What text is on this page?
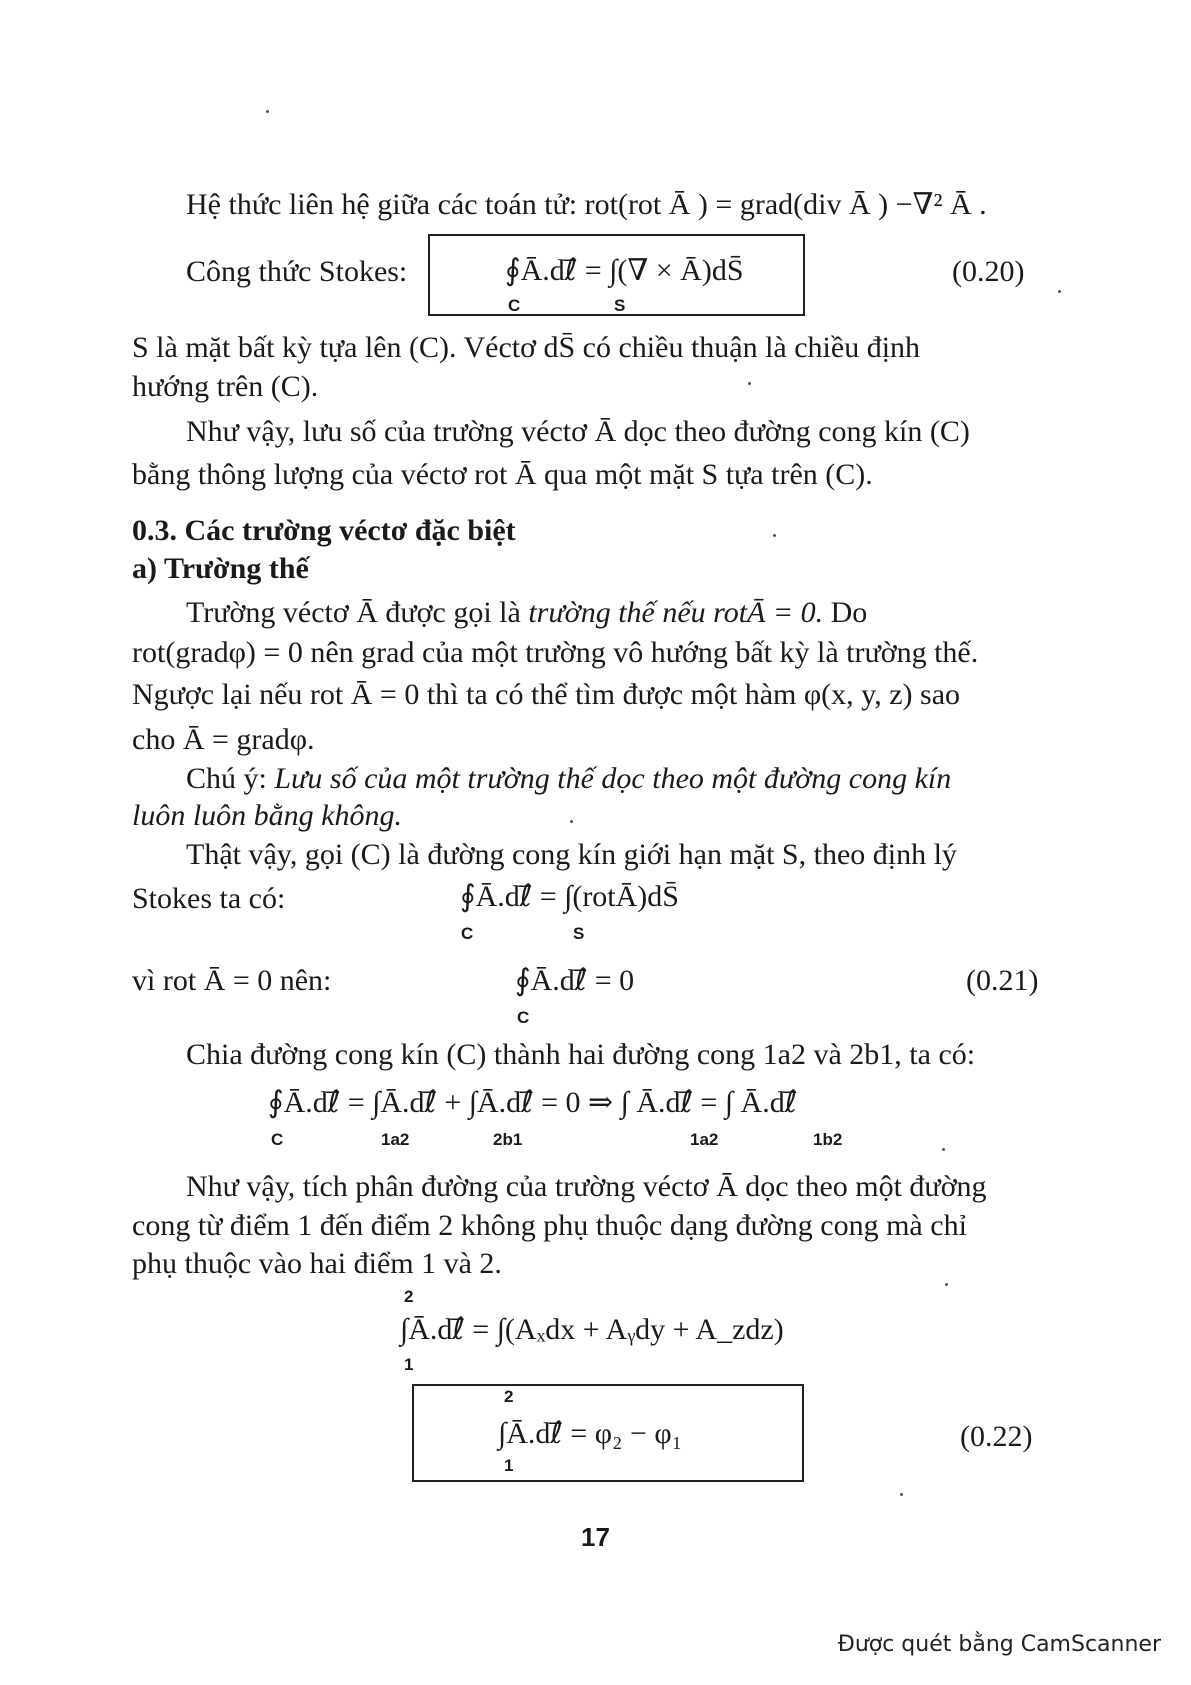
Hệ thức liên hệ giữa các toán tử: rot(rot Ā ) = grad(div Ā ) −∇² Ā .
Công thức Stokes:	∮Ā.dℓ⃗ = ∫(∇ × Ā)dS̄
C	S
(0.20)
S là mặt bất kỳ tựa lên (C). Véctơ dS̄ có chiều thuận là chiều định
hướng trên (C).
Như vậy, lưu số của trường véctơ Ā dọc theo đường cong kín (C)
bằng thông lượng của véctơ rot Ā qua một mặt S tựa trên (C).
0.3. Các trường véctơ đặc biệt
a) Trường thế
Trường véctơ Ā được gọi là trường thế nếu rotĀ = 0. Do
rot(gradφ) = 0 nên grad của một trường vô hướng bất kỳ là trường thế.
Ngược lại nếu rot Ā = 0 thì ta có thể tìm được một hàm φ(x, y, z) sao
cho Ā = gradφ.
Chú ý: Lưu số của một trường thế dọc theo một đường cong kín
luôn luôn bằng không.
Thật vậy, gọi (C) là đường cong kín giới hạn mặt S, theo định lý
Stokes ta có:	∮Ā.dℓ⃗ = ∫(rotĀ)dS̄
C	S
vì rot Ā = 0 nên:	∮Ā.dℓ⃗ = 0
C
(0.21)
Chia đường cong kín (C) thành hai đường cong 1a2 và 2b1, ta có:
∮Ā.dℓ⃗ = ∫Ā.dℓ⃗ + ∫Ā.dℓ⃗ = 0 ⇒ ∫ Ā.dℓ⃗ = ∫ Ā.dℓ⃗
C	1a2	2b1	1a2	1b2
Như vậy, tích phân đường của trường véctơ Ā dọc theo một đường
cong từ điểm 1 đến điểm 2 không phụ thuộc dạng đường cong mà chỉ
phụ thuộc vào hai điểm 1 và 2.
2
∫Ā.dℓ⃗ = ∫(Aₓdx + Aᵧdy + A_zdz)
1
2
∫Ā.dℓ⃗ = φ₂ − φ₁
1
(0.22)
17
Được quét bằng CamScanner
